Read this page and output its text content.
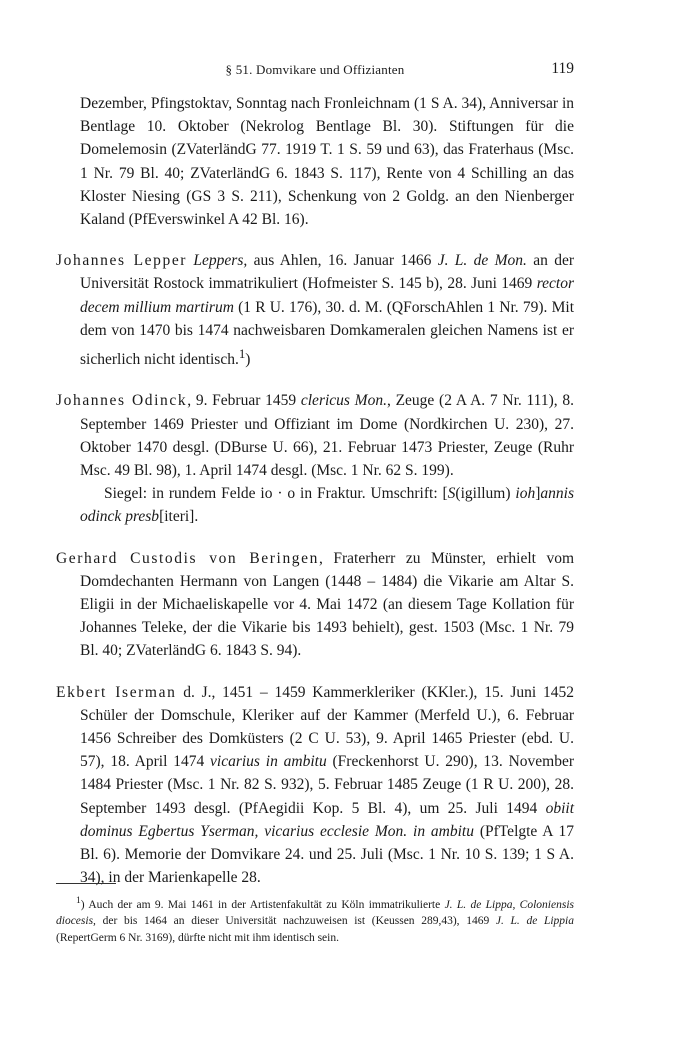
§ 51. Domvikare und Offizianten	119

Dezember, Pfingstoktav, Sonntag nach Fronleichnam (1 S A. 34), Anniversar in Bentlage 10. Oktober (Nekrolog Bentlage Bl. 30). Stiftungen für die Domelemosin (ZVaterländG 77. 1919 T. 1 S. 59 und 63), das Fraterhaus (Msc. 1 Nr. 79 Bl. 40; ZVaterländG 6. 1843 S. 117), Rente von 4 Schilling an das Kloster Niesing (GS 3 S. 211), Schenkung von 2 Goldg. an den Nienberger Kaland (PfEverswinkel A 42 Bl. 16).

Johannes Lepper Leppers, aus Ahlen, 16. Januar 1466 J. L. de Mon. an der Universität Rostock immatrikuliert (Hofmeister S. 145 b), 28. Juni 1469 rector decem millium martirum (1 R U. 176), 30. d. M. (QForschAhlen 1 Nr. 79). Mit dem von 1470 bis 1474 nachweisbaren Domkameralen gleichen Namens ist er sicherlich nicht identisch.$^1$)

Johannes Odinck, 9. Februar 1459 clericus Mon., Zeuge (2 A A. 7 Nr. 111), 8. September 1469 Priester und Offiziant im Dome (Nordkirchen U. 230), 27. Oktober 1470 desgl. (DBurse U. 66), 21. Februar 1473 Priester, Zeuge (Ruhr Msc. 49 Bl. 98), 1. April 1474 desgl. (Msc. 1 Nr. 62 S. 199).
Siegel: in rundem Felde io · o in Fraktur. Umschrift: [S(igillum) ioh]annis odinck presb[iteri].

Gerhard Custodis von Beringen, Fraterherr zu Münster, erhielt vom Domdechanten Hermann von Langen (1448 – 1484) die Vikarie am Altar S. Eligii in der Michaeliskapelle vor 4. Mai 1472 (an diesem Tage Kollation für Johannes Teleke, der die Vikarie bis 1493 behielt), gest. 1503 (Msc. 1 Nr. 79 Bl. 40; ZVaterländG 6. 1843 S. 94).

Ekbert Iserman d. J., 1451 – 1459 Kammerkleriker (KKler.), 15. Juni 1452 Schüler der Domschule, Kleriker auf der Kammer (Merfeld U.), 6. Februar 1456 Schreiber des Domküsters (2 C U. 53), 9. April 1465 Priester (ebd. U. 57), 18. April 1474 vicarius in ambitu (Freckenhorst U. 290), 13. November 1484 Priester (Msc. 1 Nr. 82 S. 932), 5. Februar 1485 Zeuge (1 R U. 200), 28. September 1493 desgl. (PfAegidii Kop. 5 Bl. 4), um 25. Juli 1494 obiit dominus Egbertus Yserman, vicarius ecclesie Mon. in ambitu (PfTelgte A 17 Bl. 6). Memorie der Domvikare 24. und 25. Juli (Msc. 1 Nr. 10 S. 139; 1 S A. 34), in der Marienkapelle 28.

$^1$) Auch der am 9. Mai 1461 in der Artistenfakultät zu Köln immatrikulierte J. L. de Lippa, Coloniensis diocesis, der bis 1464 an dieser Universität nachzuweisen ist (Keussen 289,43), 1469 J. L. de Lippia (RepertGerm 6 Nr. 3169), dürfte nicht mit ihm identisch sein.
